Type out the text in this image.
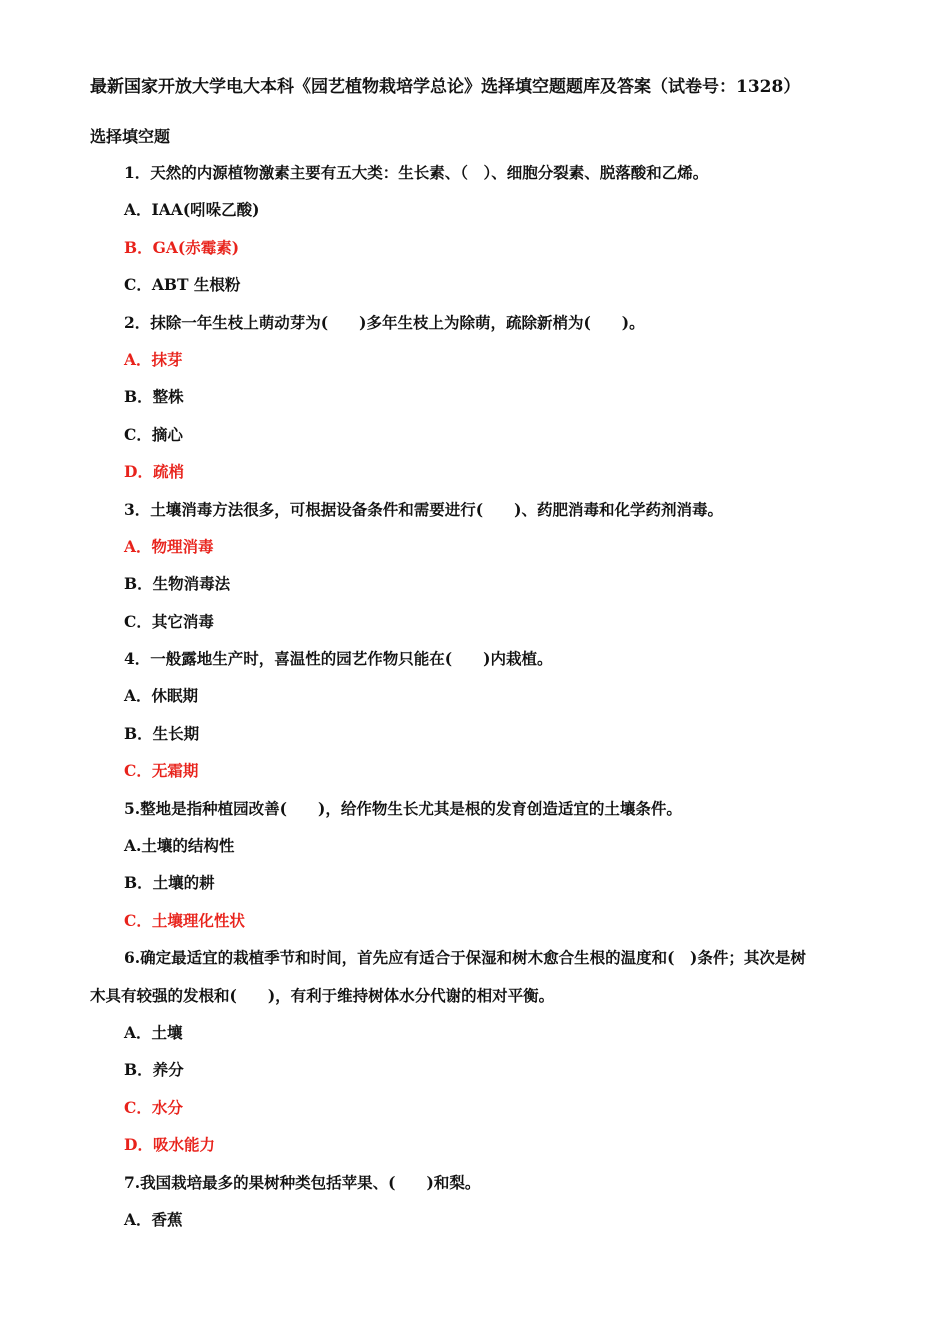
最新国家开放大学电大本科《园艺植物栽培学总论》选择填空题题库及答案（试卷号：1328）
选择填空题
1．天然的内源植物激素主要有五大类：生长素、（　）、细胞分裂素、脱落酸和乙烯。
A．IAA(吲哚乙酸)
B．GA(赤霉素)
C．ABT 生根粉
2．抹除一年生枝上萌动芽为(　　)多年生枝上为除萌，疏除新梢为(　　)。
A．抹芽
B．整株
C．摘心
D．疏梢
3．土壤消毒方法很多，可根据设备条件和需要进行(　　)、药肥消毒和化学药剂消毒。
A．物理消毒
B．生物消毒法
C．其它消毒
4．一般露地生产时，喜温性的园艺作物只能在(　　)内栽植。
A．休眠期
B．生长期
C．无霜期
5.整地是指种植园改善(　　)，给作物生长尤其是根的发育创造适宜的土壤条件。
A.土壤的结构性
B．土壤的耕
C．土壤理化性状
6.确定最适宜的栽植季节和时间，首先应有适合于保湿和树木愈合生根的温度和(　)条件；其次是树
木具有较强的发根和(　　)，有利于维持树体水分代谢的相对平衡。
A．土壤
B．养分
C．水分
D．吸水能力
7.我国栽培最多的果树种类包括苹果、(　　)和梨。
A．香蕉
